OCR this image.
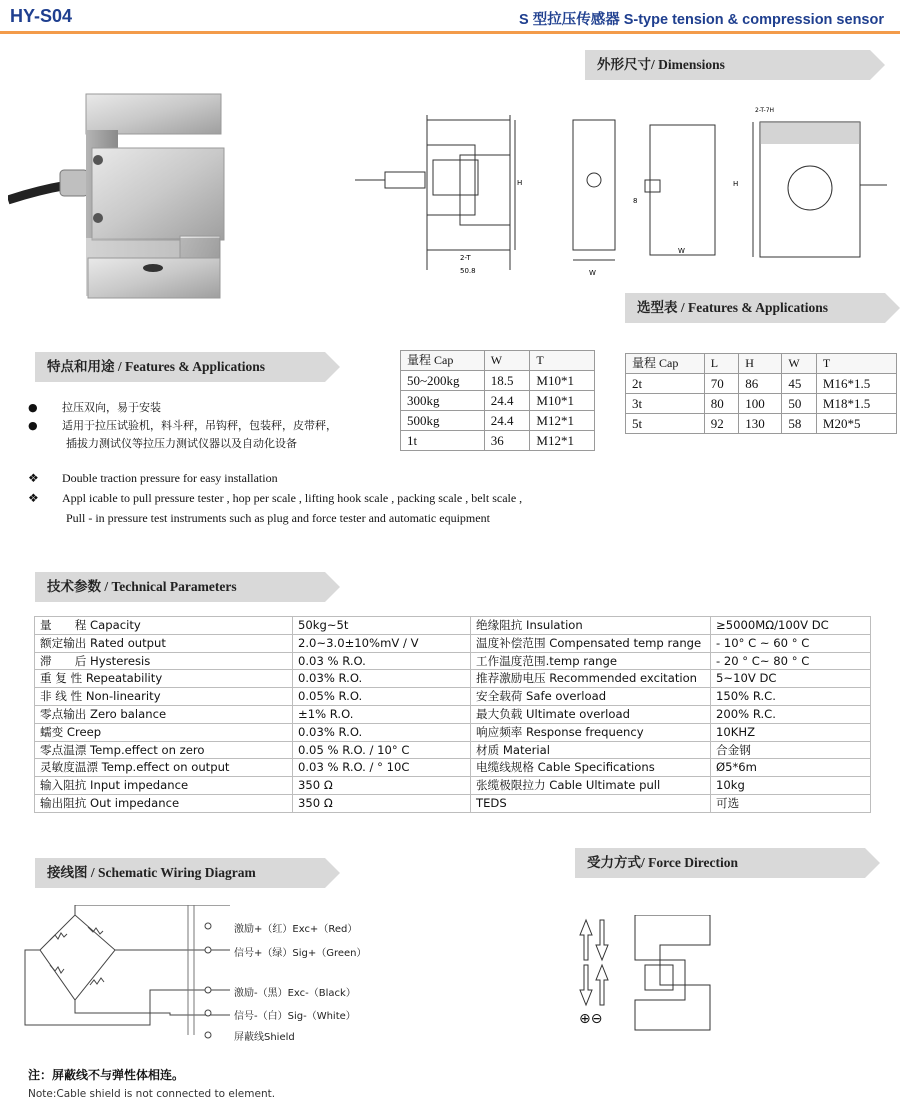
HY-S04	S 型拉压传感器 S-type tension & compression sensor
外形尺寸/ Dimensions
H
2-T
50.8	W
2-T-7H
H
8
W
选型表 / Features & Applications
特点和用途 / Features & Applications	量程 Cap	W	T
50~200kg	18.5	M10*1
300kg	24.4	M10*1
500kg	24.4	M12*1
1t	36	M12*1
量程 Cap	L	H	W	T
2t	70	86	45	M16*1.5
3t	80	100	50	M18*1.5
5t	92	130	58	M20*5
● 拉压双向，易于安装
● 适用于拉压试验机，料斗秤，吊钩秤，包装秤，皮带秤，
插拔力测试仪等拉压力测试仪器以及自动化设备
❖ Double traction pressure for easy installation
❖ Appl icable to pull pressure tester , hop per scale , lifting hook scale , packing scale , belt scale ,
Pull - in pressure test instruments such as plug and force tester and automatic equipment
技术参数 / Technical Parameters
量　　程 Capacity	50kg~5t	绝缘阻抗 Insulation	≥5000MΩ/100V DC
额定输出 Rated output	2.0~3.0±10%mV / V	温度补偿范围 Compensated temp range	- 10° C ~ 60 ° C
滞　　后 Hysteresis	0.03 % R.O.	工作温度范围.temp range	- 20 ° C~ 80 ° C
重 复 性 Repeatability	0.03% R.O.	推荐激励电压 Recommended excitation	5~10V DC
非 线 性 Non-linearity	0.05% R.O.	安全载荷 Safe overload	150% R.C.
零点输出 Zero balance	±1% R.O.	最大负载 Ultimate overload	200% R.C.
蠕变 Creep	0.03% R.O.	响应频率 Response frequency	10KHZ
零点温漂 Temp.effect on zero	0.05 % R.O. / 10° C	材质 Material	合金钢
灵敏度温漂 Temp.effect on output	0.03 % R.O. / ° 10C	电缆线规格 Cable Specifications	Ø5*6m
输入阻抗 Input impedance	350 Ω	张缆极限拉力 Cable Ultimate pull	10kg
输出阻抗 Out impedance	350 Ω	TEDS	可选
接线图 / Schematic Wiring Diagram
受力方式/ Force Direction
激励+（红）Exc+（Red）
信号+（绿）Sig+（Green）
激励-（黑）Exc-（Black）
信号-（白）Sig-（White）
屏蔽线Shield
⊕⊖
注：屏蔽线不与弹性体相连。
Note:Cable shield is not connected to element.
